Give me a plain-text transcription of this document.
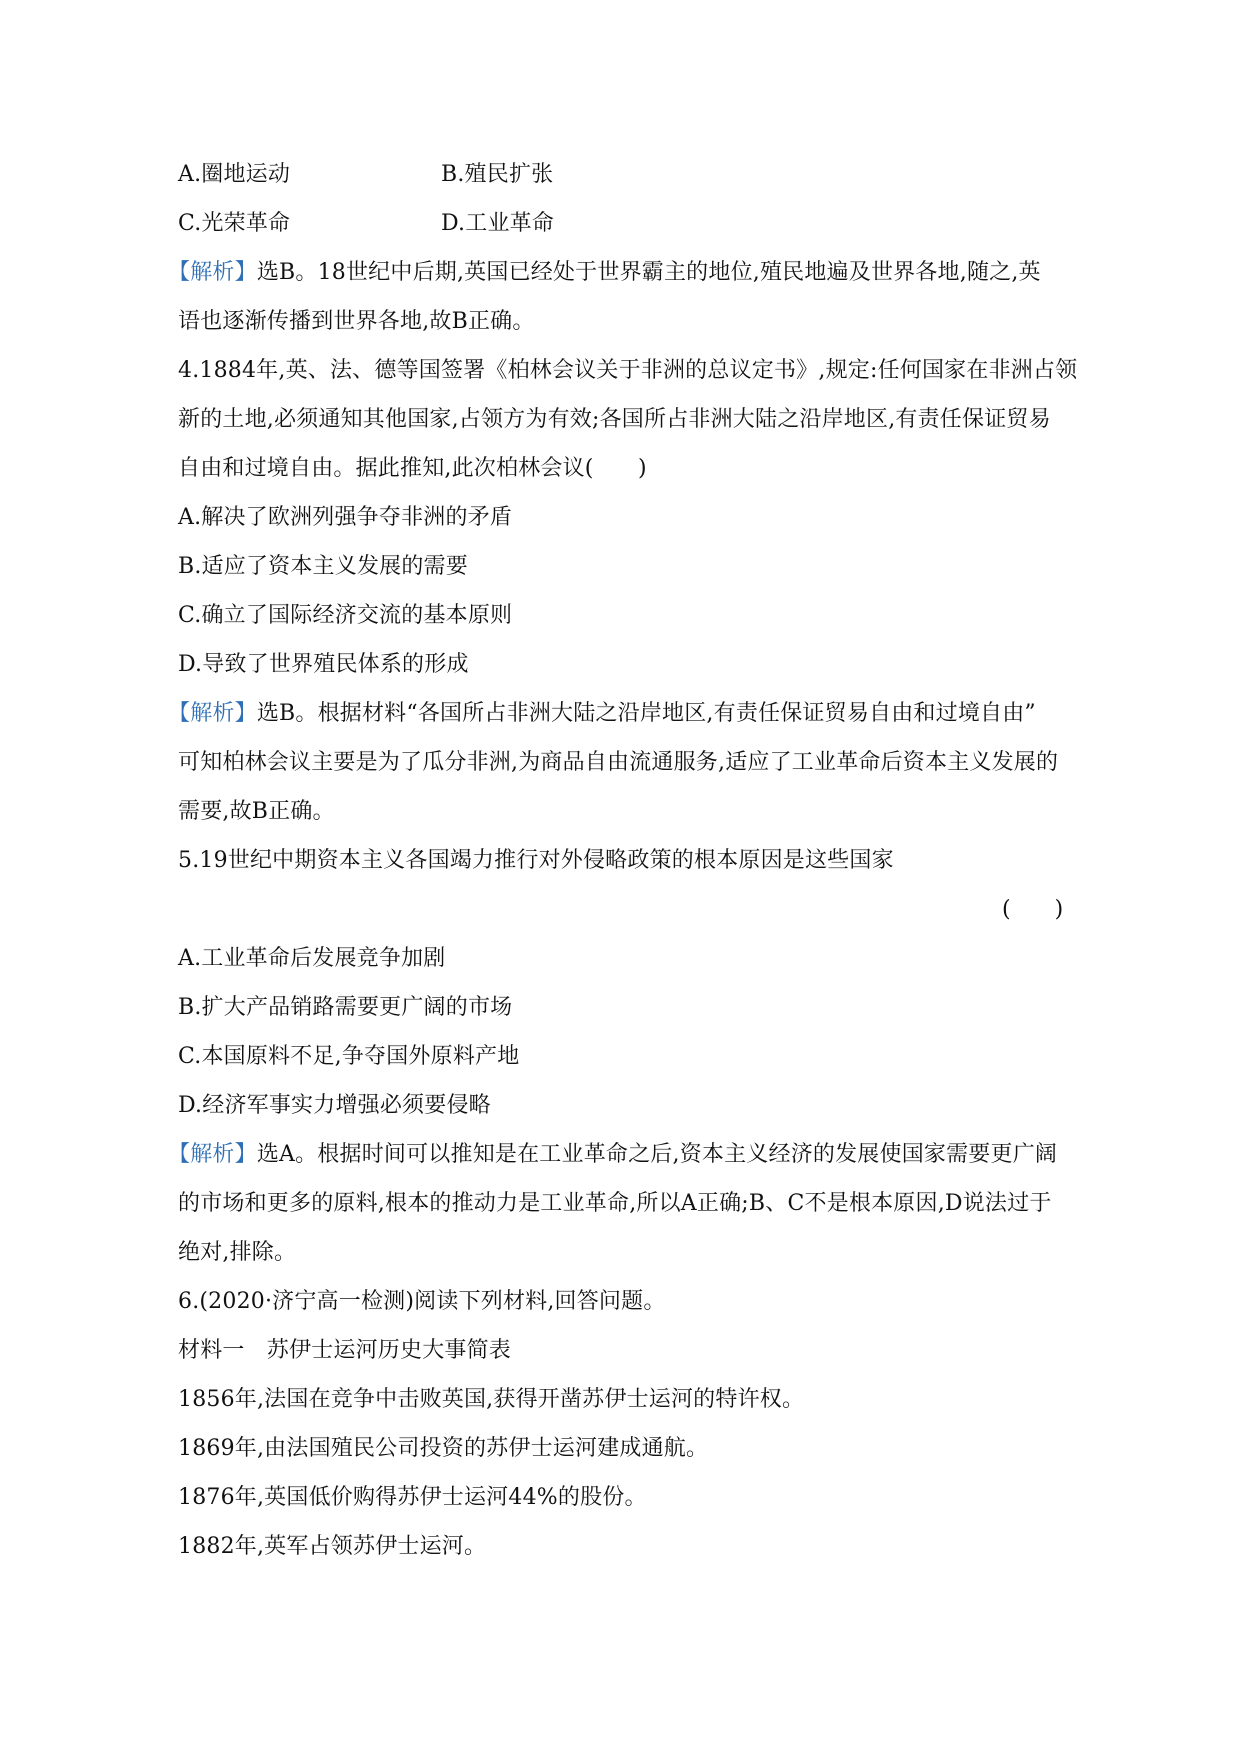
A.圈地运动	B.殖民扩张
C.光荣革命	D.工业革命
【解析】选B。18世纪中后期,英国已经处于世界霸主的地位,殖民地遍及世界各地,随之,英
语也逐渐传播到世界各地,故B正确。
4.1884年,英、法、德等国签署《柏林会议关于非洲的总议定书》,规定:任何国家在非洲占领
新的土地,必须通知其他国家,占领方为有效;各国所占非洲大陆之沿岸地区,有责任保证贸易
自由和过境自由。据此推知,此次柏林会议(　　)
A.解决了欧洲列强争夺非洲的矛盾
B.适应了资本主义发展的需要
C.确立了国际经济交流的基本原则
D.导致了世界殖民体系的形成
【解析】选B。根据材料“各国所占非洲大陆之沿岸地区,有责任保证贸易自由和过境自由”
可知柏林会议主要是为了瓜分非洲,为商品自由流通服务,适应了工业革命后资本主义发展的
需要,故B正确。
5.19世纪中期资本主义各国竭力推行对外侵略政策的根本原因是这些国家
(　　)
A.工业革命后发展竞争加剧
B.扩大产品销路需要更广阔的市场
C.本国原料不足,争夺国外原料产地
D.经济军事实力增强必须要侵略
【解析】选A。根据时间可以推知是在工业革命之后,资本主义经济的发展使国家需要更广阔
的市场和更多的原料,根本的推动力是工业革命,所以A正确;B、C不是根本原因,D说法过于
绝对,排除。
6.(2020·济宁高一检测)阅读下列材料,回答问题。
材料一　苏伊士运河历史大事简表
1856年,法国在竞争中击败英国,获得开凿苏伊士运河的特许权。
1869年,由法国殖民公司投资的苏伊士运河建成通航。
1876年,英国低价购得苏伊士运河44%的股份。
1882年,英军占领苏伊士运河。
